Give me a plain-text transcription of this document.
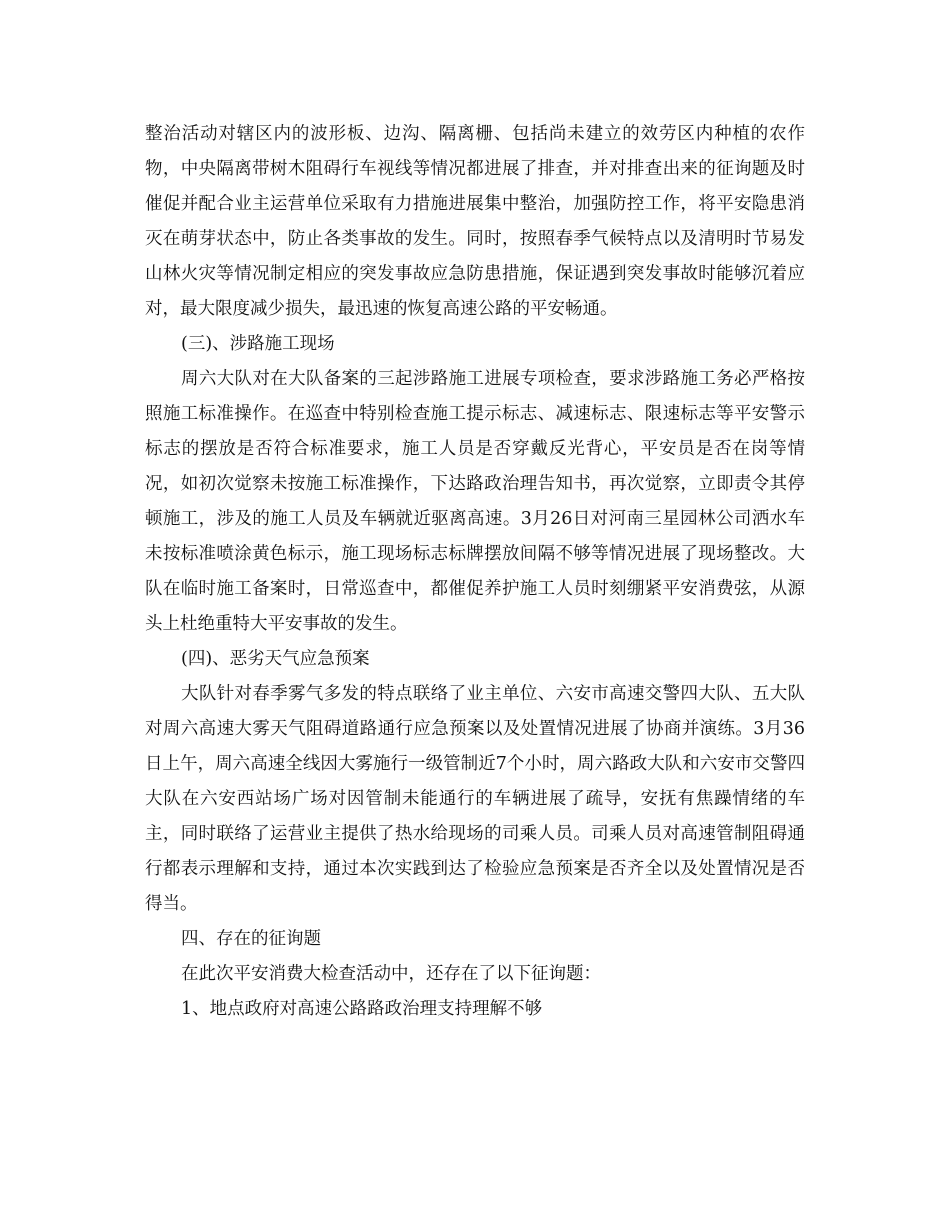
整治活动对辖区内的波形板、边沟、隔离栅、包括尚未建立的效劳区内种植的农作物，中央隔离带树木阻碍行车视线等情况都进展了排查，并对排查出来的征询题及时催促并配合业主运营单位采取有力措施进展集中整治，加强防控工作，将平安隐患消灭在萌芽状态中，防止各类事故的发生。同时，按照春季气候特点以及清明时节易发山林火灾等情况制定相应的突发事故应急防患措施，保证遇到突发事故时能够沉着应对，最大限度减少损失，最迅速的恢复高速公路的平安畅通。

(三)、涉路施工现场

周六大队对在大队备案的三起涉路施工进展专项检查，要求涉路施工务必严格按照施工标准操作。在巡查中特别检查施工提示标志、减速标志、限速标志等平安警示标志的摆放是否符合标准要求，施工人员是否穿戴反光背心，平安员是否在岗等情况，如初次觉察未按施工标准操作，下达路政治理告知书，再次觉察，立即责令其停顿施工，涉及的施工人员及车辆就近驱离高速。3月26日对河南三星园林公司洒水车未按标准喷涂黄色标示，施工现场标志标牌摆放间隔不够等情况进展了现场整改。大队在临时施工备案时，日常巡查中，都催促养护施工人员时刻绷紧平安消费弦，从源头上杜绝重特大平安事故的发生。

(四)、恶劣天气应急预案

大队针对春季雾气多发的特点联络了业主单位、六安市高速交警四大队、五大队对周六高速大雾天气阻碍道路通行应急预案以及处置情况进展了协商并演练。3月36日上午，周六高速全线因大雾施行一级管制近7个小时，周六路政大队和六安市交警四大队在六安西站场广场对因管制未能通行的车辆进展了疏导，安抚有焦躁情绪的车主，同时联络了运营业主提供了热水给现场的司乘人员。司乘人员对高速管制阻碍通行都表示理解和支持，通过本次实践到达了检验应急预案是否齐全以及处置情况是否得当。

四、存在的征询题

在此次平安消费大检查活动中，还存在了以下征询题：

1、地点政府对高速公路路政治理支持理解不够
